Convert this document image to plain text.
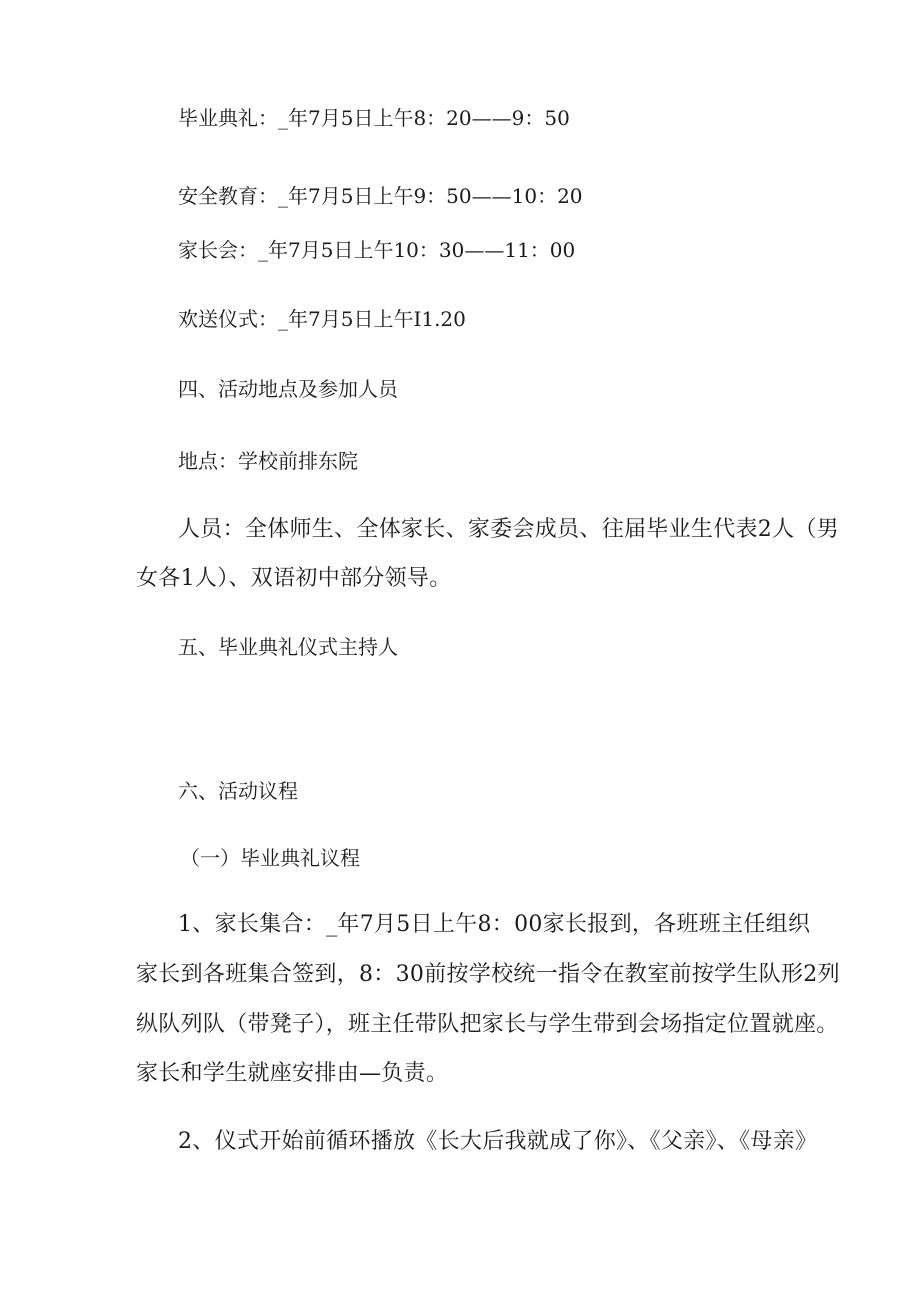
毕业典礼：_年7月5日上午8：20——9：50

安全教育：_年7月5日上午9：50——10：20

家长会：_年7月5日上午10：30——11：00

欢送仪式：_年7月5日上午I1.20

四、活动地点及参加人员

地点：学校前排东院

人员：全体师生、全体家长、家委会成员、往届毕业生代表2人（男

女各1人）、双语初中部分领导。

五、毕业典礼仪式主持人

六、活动议程

（一）毕业典礼议程

1、家长集合：_年7月5日上午8：00家长报到，各班班主任组织

家长到各班集合签到，8：30前按学校统一指令在教室前按学生队形2列

纵队列队（带凳子），班主任带队把家长与学生带到会场指定位置就座。

家长和学生就座安排由—负责。

2、仪式开始前循环播放《长大后我就成了你》、《父亲》、《母亲》
